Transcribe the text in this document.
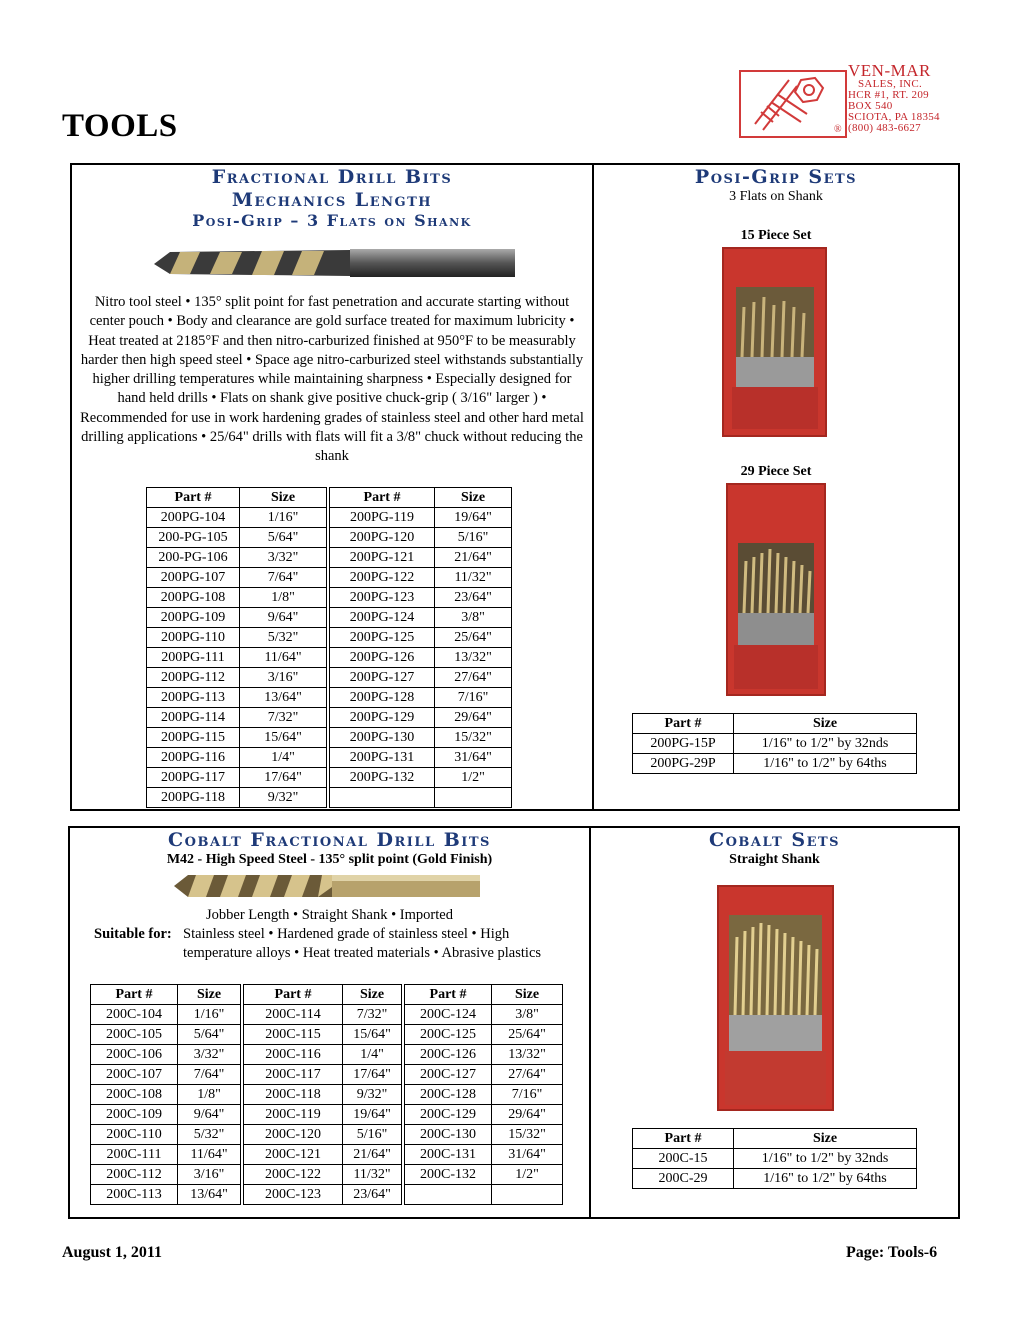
TOOLS
VEN-MAR
SALES, INC.
HCR #1, RT. 209
BOX 540
SCIOTA, PA 18354
(800) 483-6627
®
Fractional Drill Bits
Mechanics Length
Posi-Grip – 3 Flats on Shank
Nitro tool steel • 135° split point for fast penetration and accurate starting without center pouch • Body and clearance are gold surface treated for maximum lubricity • Heat treated at 2185°F and then nitro-carburized finished at 950°F to be measurably harder then high speed steel • Space age nitro-carburized steel withstands substantially higher drilling temperatures while maintaining sharpness • Especially designed for hand held drills • Flats on shank give positive chuck-grip ( 3/16" larger ) • Recommended for use in work hardening grades of stainless steel and other hard metal drilling applications • 25/64" drills with flats will fit a 3/8" chuck without reducing the shank
Part #	Size		Part #	Size
200PG-104	1/16"		200PG-119	19/64"
200-PG-105	5/64"		200PG-120	5/16"
200-PG-106	3/32"		200PG-121	21/64"
200PG-107	7/64"		200PG-122	11/32"
200PG-108	1/8"		200PG-123	23/64"
200PG-109	9/64"		200PG-124	3/8"
200PG-110	5/32"		200PG-125	25/64"
200PG-111	11/64"		200PG-126	13/32"
200PG-112	3/16"		200PG-127	27/64"
200PG-113	13/64"		200PG-128	7/16"
200PG-114	7/32"		200PG-129	29/64"
200PG-115	15/64"		200PG-130	15/32"
200PG-116	1/4"		200PG-131	31/64"
200PG-117	17/64"		200PG-132	1/2"
200PG-118	9/32"			
Posi-Grip Sets
3 Flats on Shank
15 Piece Set
29 Piece Set
Part #	Size
200PG-15P	1/16" to 1/2" by 32nds
200PG-29P	1/16" to 1/2" by 64ths
Cobalt Fractional Drill Bits
M42 - High Speed Steel - 135° split point (Gold Finish)
Jobber Length • Straight Shank • Imported
Suitable for: Stainless steel • Hardened grade of stainless steel • High temperature alloys • Heat treated materials • Abrasive plastics
Part #	Size		Part #	Size		Part #	Size
200C-104	1/16"		200C-114	7/32"		200C-124	3/8"
200C-105	5/64"		200C-115	15/64"		200C-125	25/64"
200C-106	3/32"		200C-116	1/4"		200C-126	13/32"
200C-107	7/64"		200C-117	17/64"		200C-127	27/64"
200C-108	1/8"		200C-118	9/32"		200C-128	7/16"
200C-109	9/64"		200C-119	19/64"		200C-129	29/64"
200C-110	5/32"		200C-120	5/16"		200C-130	15/32"
200C-111	11/64"		200C-121	21/64"		200C-131	31/64"
200C-112	3/16"		200C-122	11/32"		200C-132	1/2"
200C-113	13/64"		200C-123	23/64"			
Cobalt Sets
Straight Shank
Part #	Size
200C-15	1/16" to 1/2" by 32nds
200C-29	1/16" to 1/2" by 64ths
August 1, 2011	Page: Tools-6
